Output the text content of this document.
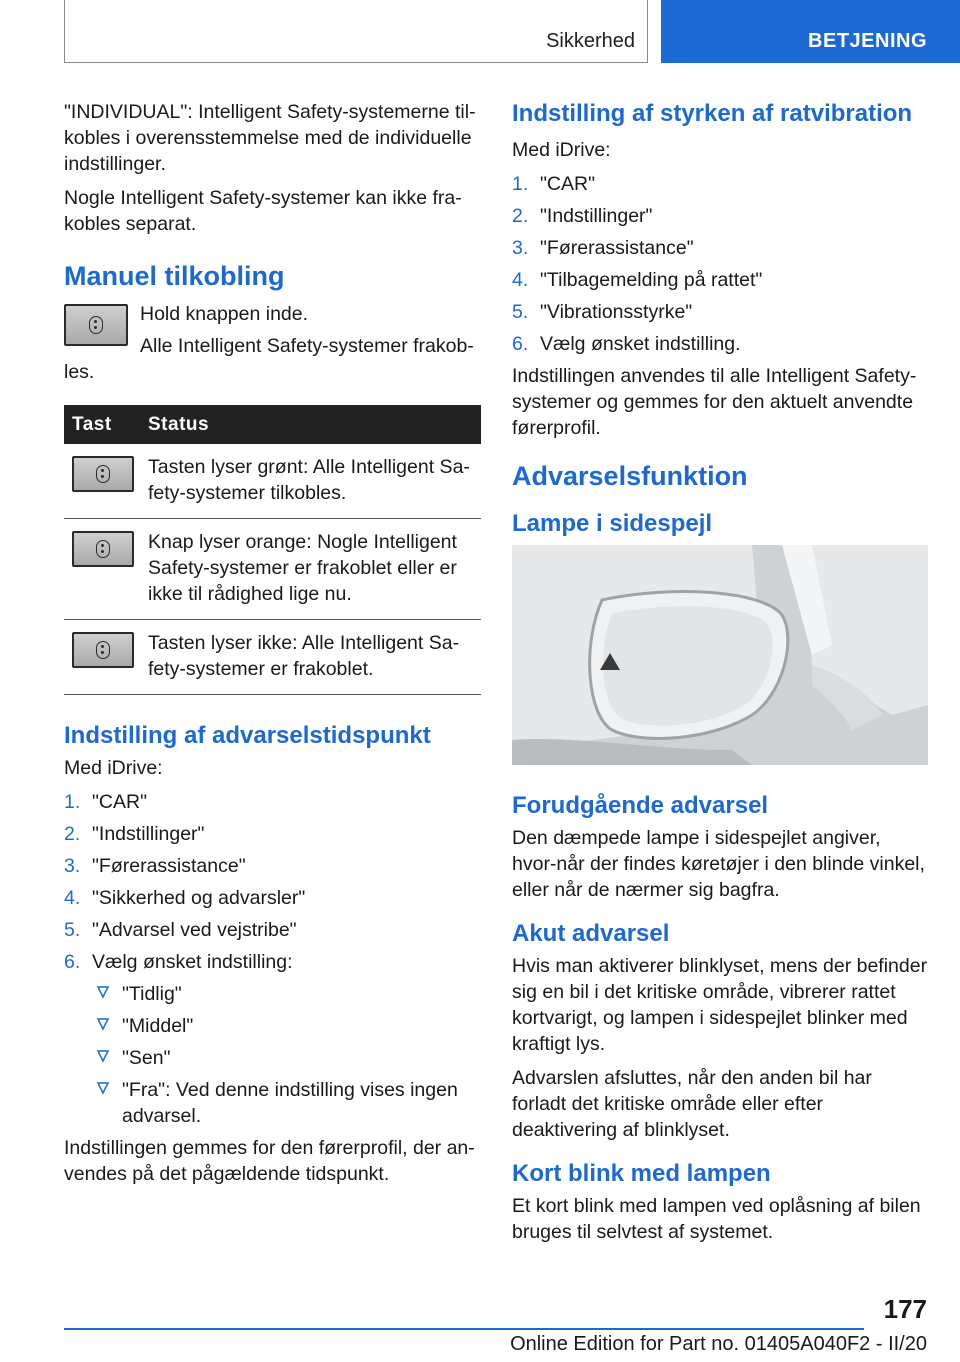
Sikkerhed	BETJENING

"INDIVIDUAL": Intelligent Safety-systemerne til-kobles i overensstemmelse med de individuelle indstillinger.

Nogle Intelligent Safety-systemer kan ikke fra-kobles separat.

Manuel tilkobling

Hold knappen inde.

Alle Intelligent Safety-systemer frakob-les.

Tast	Status

	Tasten lyser grønt: Alle Intelligent Sa-fety-systemer tilkobles.

	Knap lyser orange: Nogle Intelligent Safety-systemer er frakoblet eller er ikke til rådighed lige nu.

	Tasten lyser ikke: Alle Intelligent Sa-fety-systemer er frakoblet.
Indstilling af advarselstidspunkt

Med iDrive:

1. "CAR"
2. "Indstillinger"
3. "Førerassistance"
4. "Sikkerhed og advarsler"
5. "Advarsel ved vejstribe"
6. Vælg ønsket indstilling:
"Tidlig"
"Middel"
"Sen"
"Fra": Ved denne indstilling vises ingen advarsel.

Indstillingen gemmes for den førerprofil, der an-vendes på det pågældende tidspunkt.

Indstilling af styrken af ratvibration

Med iDrive:

1. "CAR"
2. "Indstillinger"
3. "Førerassistance"
4. "Tilbagemelding på rattet"
5. "Vibrationsstyrke"
6. Vælg ønsket indstilling.

Indstillingen anvendes til alle Intelligent Safety-systemer og gemmes for den aktuelt anvendte førerprofil.

Advarselsfunktion
Lampe i sidespejl
Forudgående advarsel

Den dæmpede lampe i sidespejlet angiver, hvor-når der findes køretøjer i den blinde vinkel, eller når de nærmer sig bagfra.

Akut advarsel

Hvis man aktiverer blinklyset, mens der befinder sig en bil i det kritiske område, vibrerer rattet kortvarigt, og lampen i sidespejlet blinker med kraftigt lys.

Advarslen afsluttes, når den anden bil har forladt det kritiske område eller efter deaktivering af blinklyset.

Kort blink med lampen

Et kort blink med lampen ved oplåsning af bilen bruges til selvtest af systemet.

177
Online Edition for Part no. 01405A040F2 - II/20
